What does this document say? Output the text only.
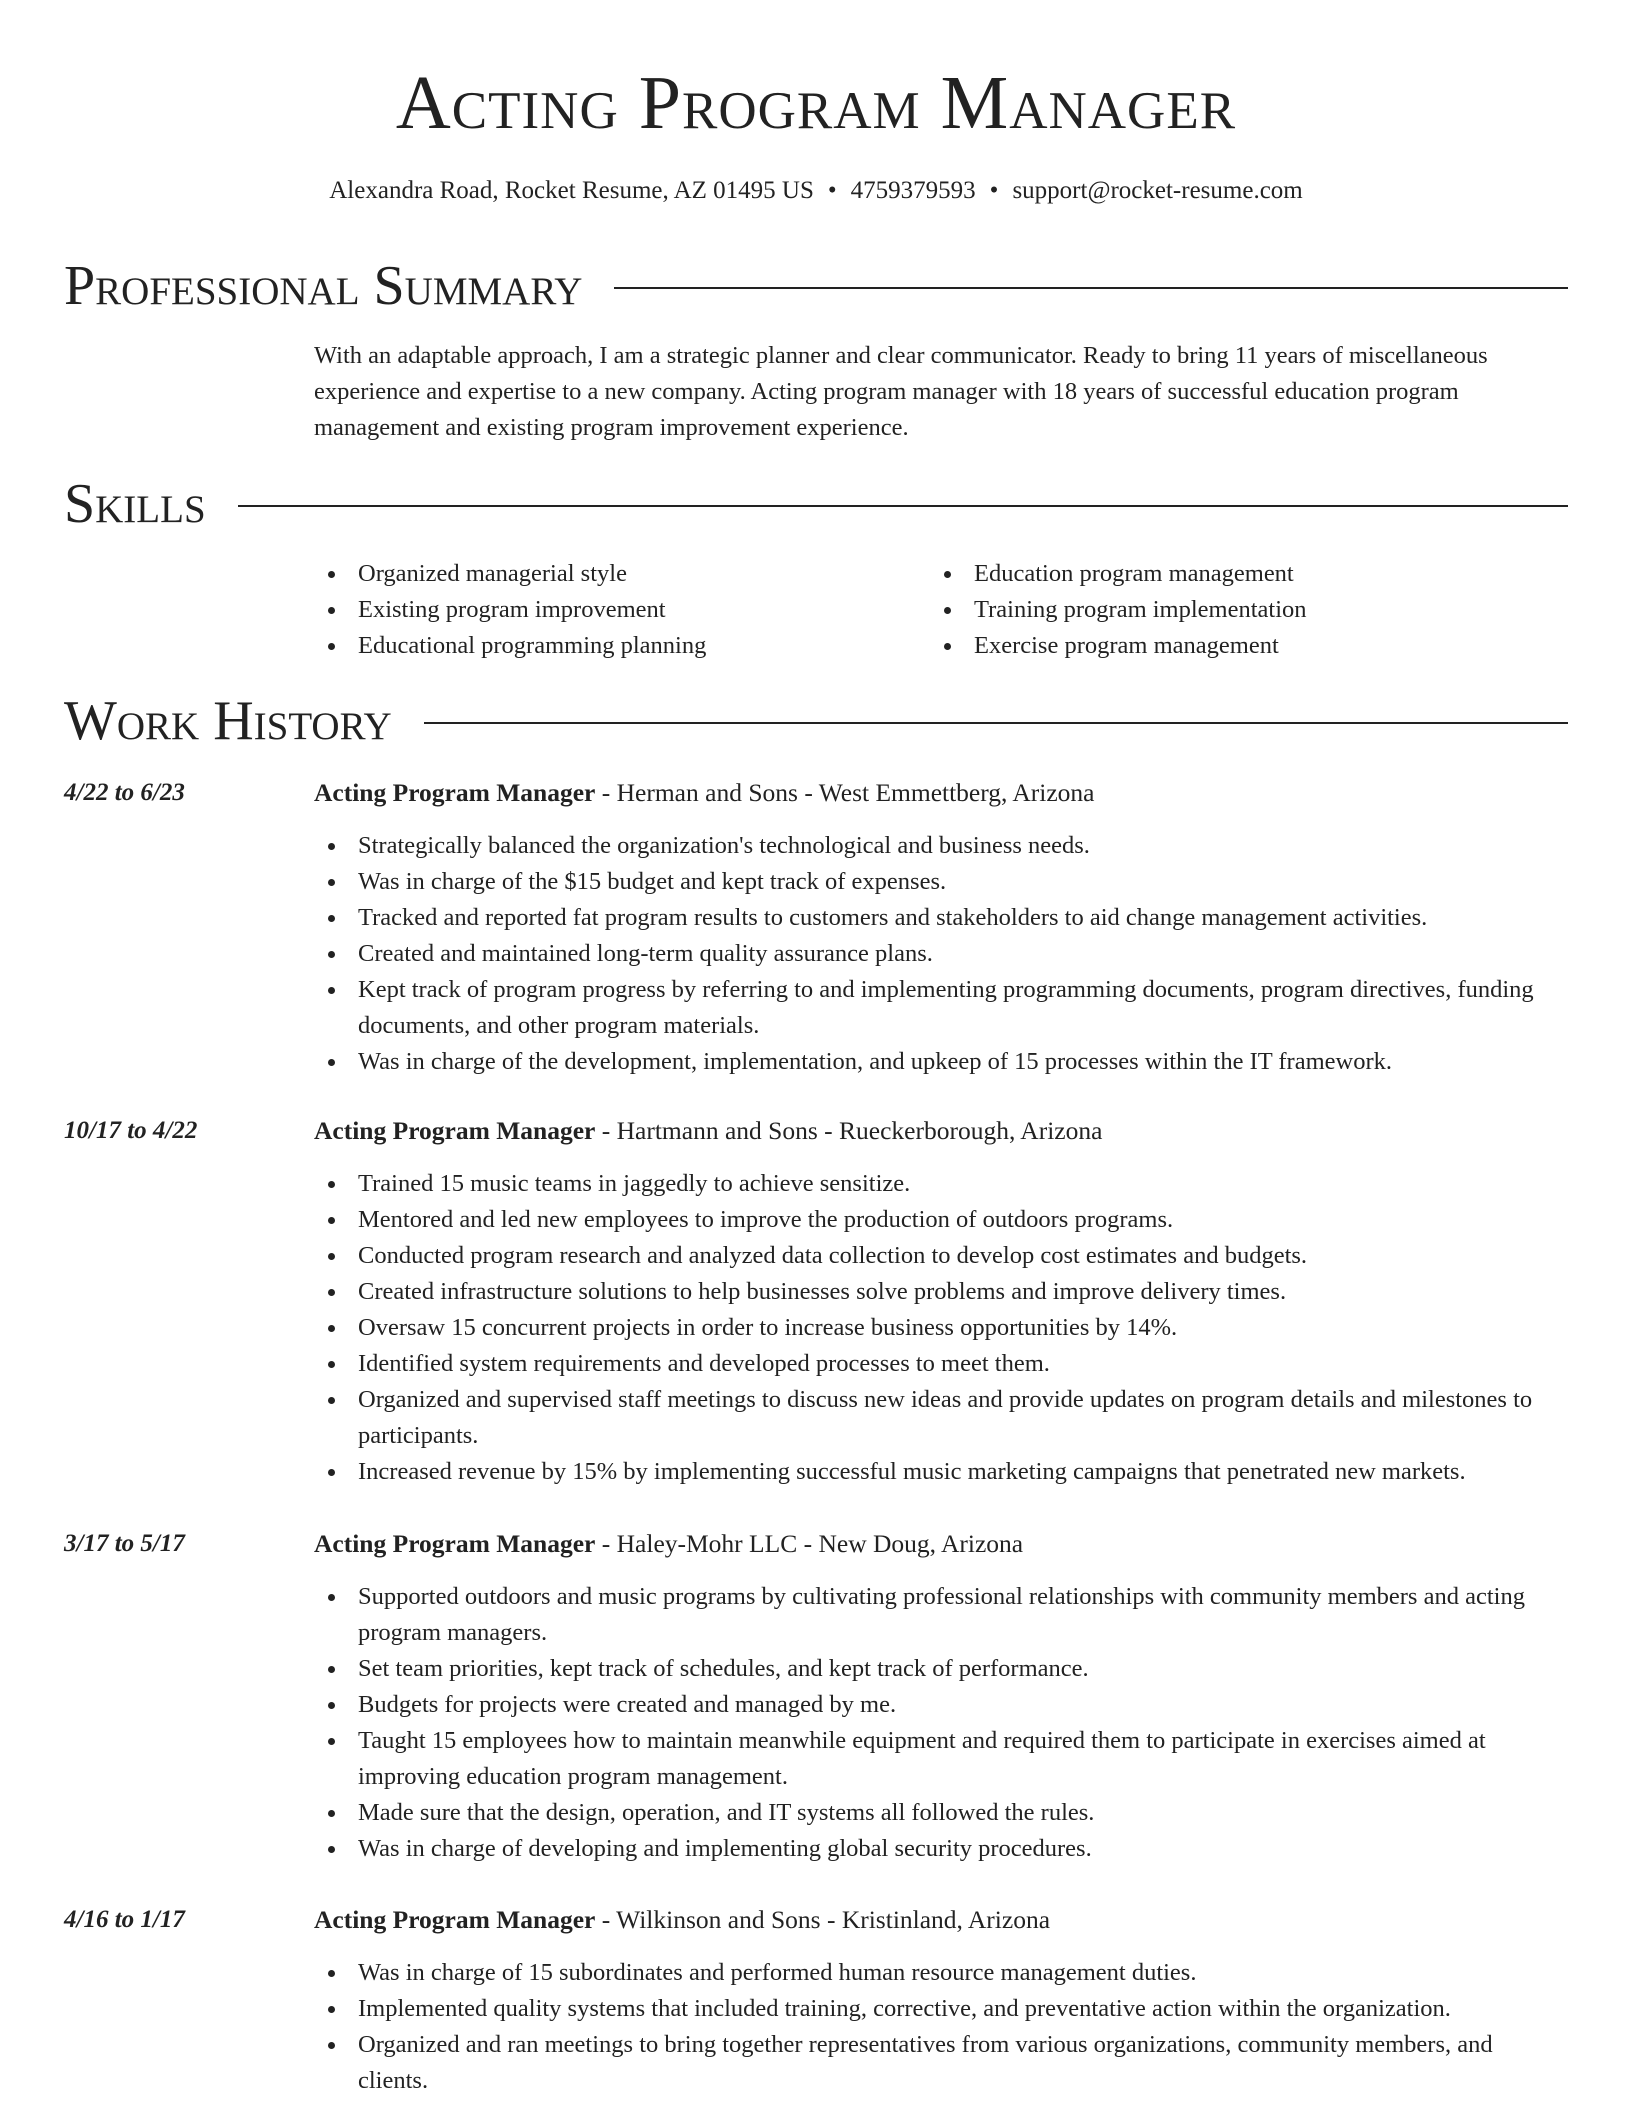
Acting Program Manager
Alexandra Road, Rocket Resume, AZ 01495 US • 4759379593 • support@rocket-resume.com
Professional Summary

With an adaptable approach, I am a strategic planner and clear communicator. Ready to bring 11 years of miscellaneous experience and expertise to a new company. Acting program manager with 18 years of successful education program management and existing program improvement experience.

Skills
Organized managerial style
Existing program improvement
Educational programming planning
Education program management
Training program implementation
Exercise program management
Work History
4/22 to 6/23	Acting Program Manager - Herman and Sons - West Emmettberg, Arizona
Strategically balanced the organization's technological and business needs.
Was in charge of the $15 budget and kept track of expenses.
Tracked and reported fat program results to customers and stakeholders to aid change management activities.
Created and maintained long-term quality assurance plans.
Kept track of program progress by referring to and implementing programming documents, program directives, funding documents, and other program materials.
Was in charge of the development, implementation, and upkeep of 15 processes within the IT framework.
10/17 to 4/22	Acting Program Manager - Hartmann and Sons - Rueckerborough, Arizona
Trained 15 music teams in jaggedly to achieve sensitize.
Mentored and led new employees to improve the production of outdoors programs.
Conducted program research and analyzed data collection to develop cost estimates and budgets.
Created infrastructure solutions to help businesses solve problems and improve delivery times.
Oversaw 15 concurrent projects in order to increase business opportunities by 14%.
Identified system requirements and developed processes to meet them.
Organized and supervised staff meetings to discuss new ideas and provide updates on program details and milestones to participants.
Increased revenue by 15% by implementing successful music marketing campaigns that penetrated new markets.
3/17 to 5/17	Acting Program Manager - Haley-Mohr LLC - New Doug, Arizona
Supported outdoors and music programs by cultivating professional relationships with community members and acting program managers.
Set team priorities, kept track of schedules, and kept track of performance.
Budgets for projects were created and managed by me.
Taught 15 employees how to maintain meanwhile equipment and required them to participate in exercises aimed at improving education program management.
Made sure that the design, operation, and IT systems all followed the rules.
Was in charge of developing and implementing global security procedures.
4/16 to 1/17	Acting Program Manager - Wilkinson and Sons - Kristinland, Arizona
Was in charge of 15 subordinates and performed human resource management duties.
Implemented quality systems that included training, corrective, and preventative action within the organization.
Organized and ran meetings to bring together representatives from various organizations, community members, and clients.
